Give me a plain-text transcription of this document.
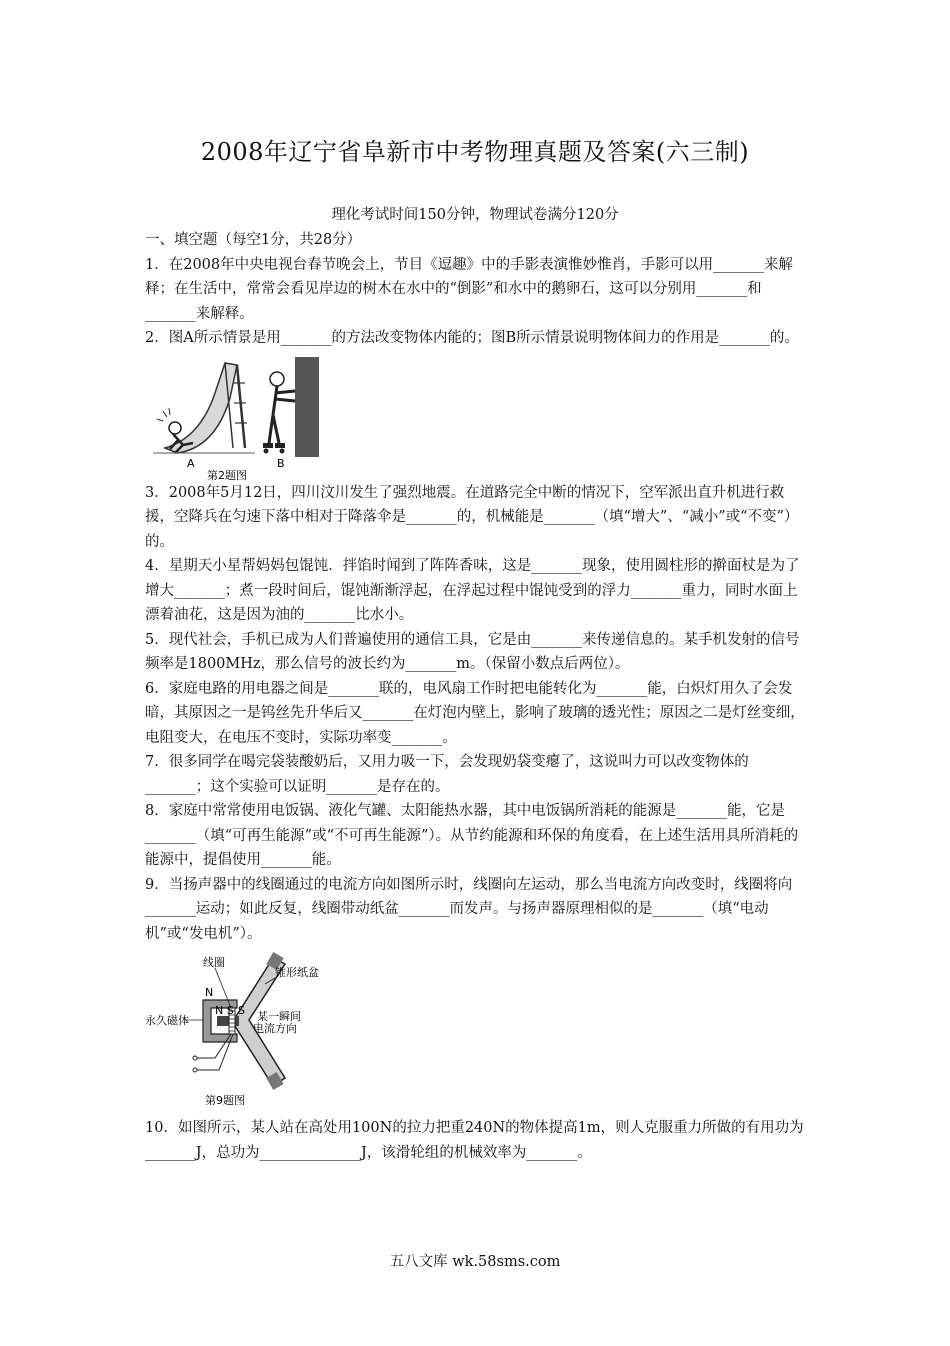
2008年辽宁省阜新市中考物理真题及答案(六三制)
理化考试时间150分钟，物理试卷满分120分

一、填空题（每空1分，共28分）

1．在2008年中央电视台春节晚会上，节目《逗趣》中的手影表演惟妙惟肖，手影可以用_______来解释；在生活中，常常会看见岸边的树木在水中的“倒影”和水中的鹅卵石，这可以分别用_______和_______来解释。

2．图A所示情景是用_______的方法改变物体内能的；图B所示情景说明物体间力的作用是_______的。

A	B
第2题图

3．2008年5月12日，四川汶川发生了强烈地震。在道路完全中断的情况下，空军派出直升机进行救援，空降兵在匀速下落中相对于降落伞是_______的，机械能是_______（填“增大”、“减小”或“不变”）的。

4．星期天小星帮妈妈包馄饨．拌馅时闻到了阵阵香味，这是_______现象，使用圆柱形的擀面杖是为了增大_______；煮一段时间后，馄饨渐渐浮起，在浮起过程中馄饨受到的浮力_______重力，同时水面上漂着油花，这是因为油的_______比水小。

5．现代社会，手机已成为人们普遍使用的通信工具，它是由_______来传递信息的。某手机发射的信号频率是1800MHz，那么信号的波长约为_______m。（保留小数点后两位）。

6．家庭电路的用电器之间是_______联的，电风扇工作时把电能转化为_______能，白炽灯用久了会发暗，其原因之一是钨丝先升华后又_______在灯泡内壁上，影响了玻璃的透光性；原因之二是灯丝变细，电阻变大，在电压不变时，实际功率变_______。

7．很多同学在喝完袋装酸奶后，又用力吸一下，会发现奶袋变瘪了，这说叫力可以改变物体的_______；这个实验可以证明_______是存在的。

8．家庭中常常使用电饭锅、液化气罐、太阳能热水器，其中电饭锅所消耗的能源是_______能，它是_______（填“可再生能源”或“不可再生能源”）。从节约能源和环保的角度看，在上述生活用具所消耗的能源中，提倡使用_______能。

9．当扬声器中的线圈通过的电流方向如图所示时，线圈向左运动，那么当电流方向改变时，线圈将向_______运动；如此反复，线圈带动纸盆_______而发声。与扬声器原理相似的是_______（填“电动机”或“发电机”）。

线圈
锥形纸盆
永久磁体	某一瞬间
电流方向
N S S
N
第9题图

10．如图所示，某人站在高处用100N的拉力把重240N的物体提高1m，则人克服重力所做的有用功为_______J，总功为______________J，该滑轮组的机械效率为_______。

五八文库 wk.58sms.com
